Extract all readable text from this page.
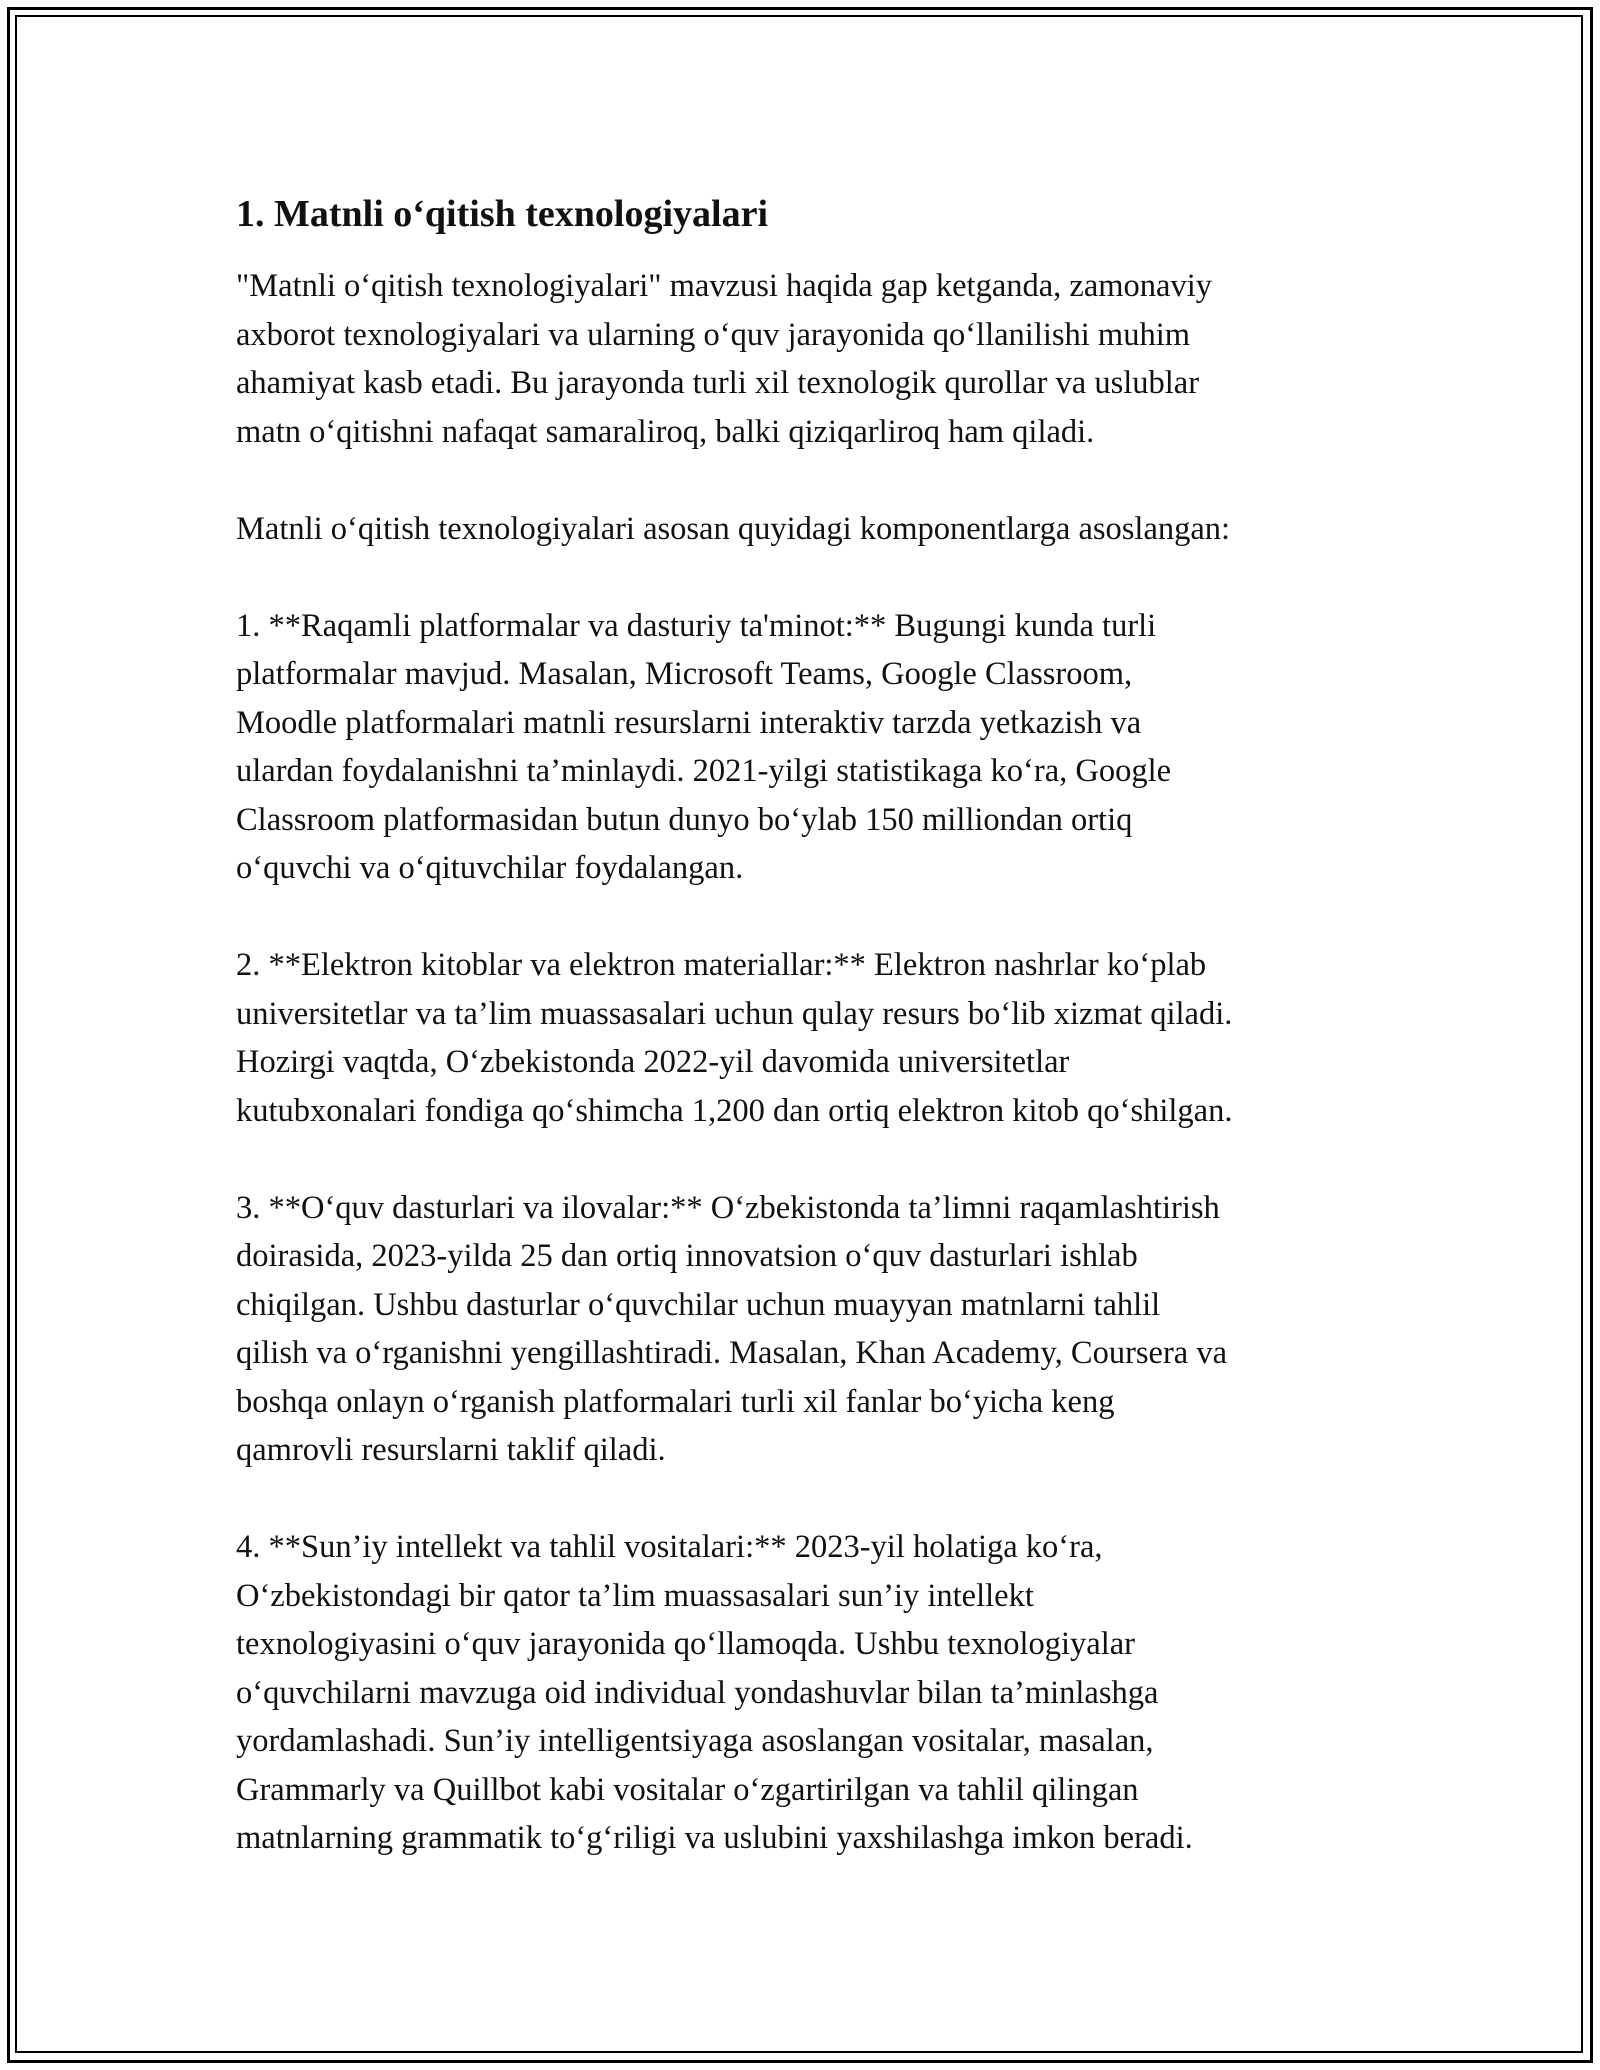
1. Matnli o‘qitish texnologiyalari

"Matnli o‘qitish texnologiyalari" mavzusi haqida gap ketganda, zamonaviy
axborot texnologiyalari va ularning o‘quv jarayonida qo‘llanilishi muhim
ahamiyat kasb etadi. Bu jarayonda turli xil texnologik qurollar va uslublar
matn o‘qitishni nafaqat samaraliroq, balki qiziqarliroq ham qiladi.

Matnli o‘qitish texnologiyalari asosan quyidagi komponentlarga asoslangan:

1. **Raqamli platformalar va dasturiy ta'minot:** Bugungi kunda turli
platformalar mavjud. Masalan, Microsoft Teams, Google Classroom,
Moodle platformalari matnli resurslarni interaktiv tarzda yetkazish va
ulardan foydalanishni ta’minlaydi. 2021-yilgi statistikaga ko‘ra, Google
Classroom platformasidan butun dunyo bo‘ylab 150 milliondan ortiq
o‘quvchi va o‘qituvchilar foydalangan.

2. **Elektron kitoblar va elektron materiallar:** Elektron nashrlar ko‘plab
universitetlar va ta’lim muassasalari uchun qulay resurs bo‘lib xizmat qiladi.
Hozirgi vaqtda, O‘zbekistonda 2022-yil davomida universitetlar
kutubxonalari fondiga qo‘shimcha 1,200 dan ortiq elektron kitob qo‘shilgan.

3. **O‘quv dasturlari va ilovalar:** O‘zbekistonda ta’limni raqamlashtirish
doirasida, 2023-yilda 25 dan ortiq innovatsion o‘quv dasturlari ishlab
chiqilgan. Ushbu dasturlar o‘quvchilar uchun muayyan matnlarni tahlil
qilish va o‘rganishni yengillashtiradi. Masalan, Khan Academy, Coursera va
boshqa onlayn o‘rganish platformalari turli xil fanlar bo‘yicha keng
qamrovli resurslarni taklif qiladi.

4. **Sun’iy intellekt va tahlil vositalari:** 2023-yil holatiga ko‘ra,
O‘zbekistondagi bir qator ta’lim muassasalari sun’iy intellekt
texnologiyasini o‘quv jarayonida qo‘llamoqda. Ushbu texnologiyalar
o‘quvchilarni mavzuga oid individual yondashuvlar bilan ta’minlashga
yordamlashadi. Sun’iy intelligentsiyaga asoslangan vositalar, masalan,
Grammarly va Quillbot kabi vositalar o‘zgartirilgan va tahlil qilingan
matnlarning grammatik to‘g‘riligi va uslubini yaxshilashga imkon beradi.
